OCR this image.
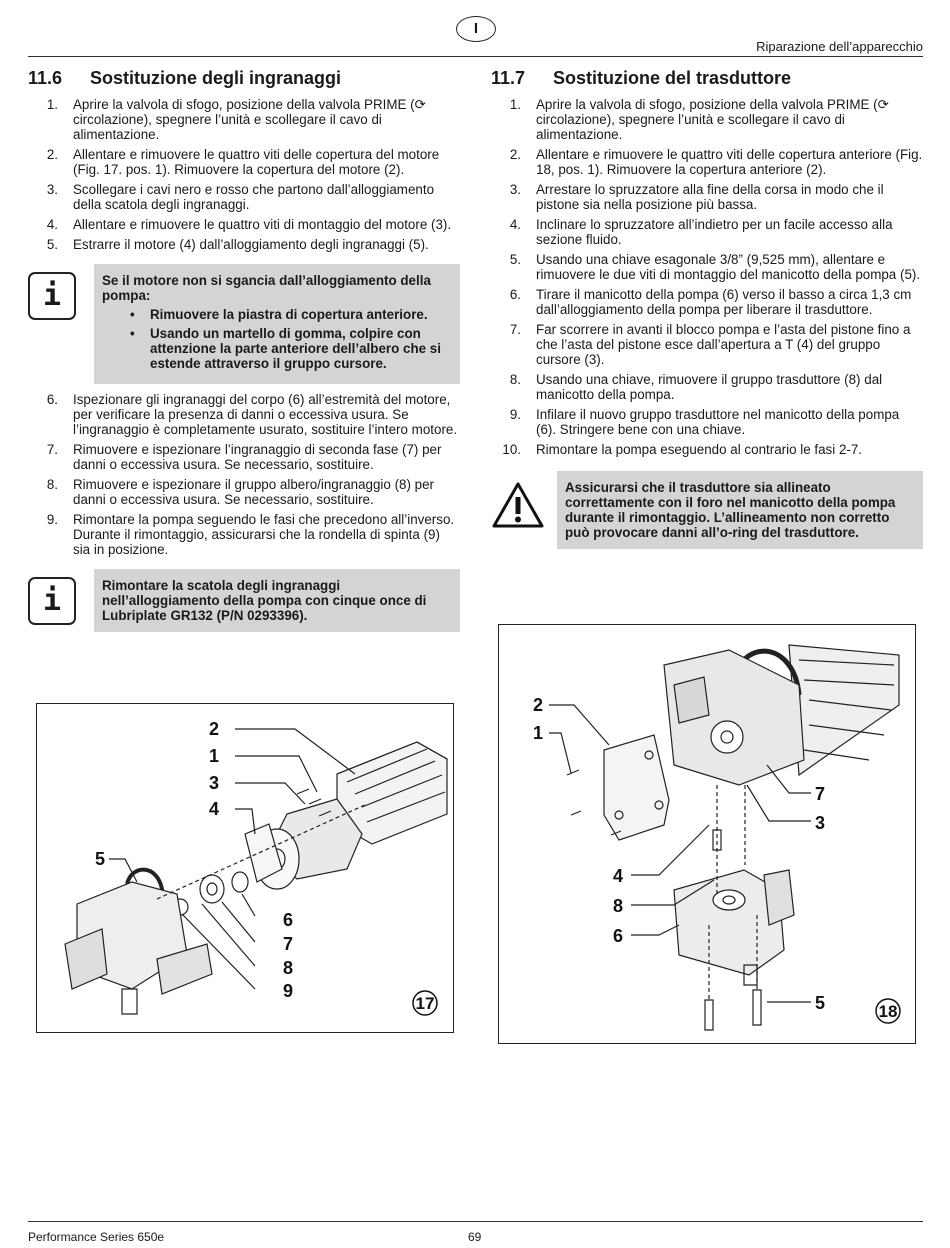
I
Riparazione dell’apparecchio
11.6 Sostituzione degli ingranaggi
1. Aprire la valvola di sfogo, posizione della valvola PRIME (⟳ circolazione), spegnere l’unità e scollegare il cavo di alimentazione.
2. Allentare e rimuovere le quattro viti delle copertura del motore (Fig. 17. pos. 1). Rimuovere la copertura del motore (2).
3. Scollegare i cavi nero e rosso che partono dall’alloggiamento della scatola degli ingranaggi.
4. Allentare e rimuovere le quattro viti di montaggio del motore (3).
5. Estrarre il motore (4) dall’alloggiamento degli ingranaggi (5).
i	Se il motore non si sgancia dall’alloggiamento della pompa:
• Rimuovere la piastra di copertura anteriore.
• Usando un martello di gomma, colpire con attenzione la parte anteriore dell’albero che si estende attraverso il gruppo cursore.
6. Ispezionare gli ingranaggi del corpo (6) all’estremità del motore, per verificare la presenza di danni o eccessiva usura. Se l’ingranaggio è completamente usurato, sostituire l’intero motore.
7. Rimuovere e ispezionare l’ingranaggio di seconda fase (7) per danni o eccessiva usura. Se necessario, sostituire.
8. Rimuovere e ispezionare il gruppo albero/ingranaggio (8) per danni o eccessiva usura. Se necessario, sostituire.
9. Rimontare la pompa seguendo le fasi che precedono all’inverso. Durante il rimontaggio, assicurarsi che la rondella di spinta (9) sia in posizione.
i	Rimontare la scatola degli ingranaggi nell’alloggiamento della pompa con cinque once di Lubriplate GR132 (P/N 0293396).
2
1
3
4
5
6
7
8
9
17
11.7 Sostituzione del trasduttore
1. Aprire la valvola di sfogo, posizione della valvola PRIME (⟳ circolazione), spegnere l’unità e scollegare il cavo di alimentazione.
2. Allentare e rimuovere le quattro viti delle copertura anteriore (Fig. 18, pos. 1). Rimuovere la copertura anteriore (2).
3. Arrestare lo spruzzatore alla fine della corsa in modo che il pistone sia nella posizione più bassa.
4. Inclinare lo spruzzatore all’indietro per un facile accesso alla sezione fluido.
5. Usando una chiave esagonale 3/8” (9,525 mm), allentare e rimuovere le due viti di montaggio del manicotto della pompa (5).
6. Tirare il manicotto della pompa (6) verso il basso a circa 1,3 cm dall’alloggiamento della pompa per liberare il trasduttore.
7. Far scorrere in avanti il blocco pompa e l’asta del pistone fino a che l’asta del pistone esce dall’apertura a T (4) del gruppo cursore (3).
8. Usando una chiave, rimuovere il gruppo trasduttore (8) dal manicotto della pompa.
9. Infilare il nuovo gruppo trasduttore nel manicotto della pompa (6). Stringere bene con una chiave.
10. Rimontare la pompa eseguendo al contrario le fasi 2-7.
Assicurarsi che il trasduttore sia allineato correttamente con il foro nel manicotto della pompa durante il rimontaggio. L’allineamento non corretto può provocare danni all’o-ring del trasduttore.
2
1
7
3
4
8
6
5	18
Performance Series 650e	69
